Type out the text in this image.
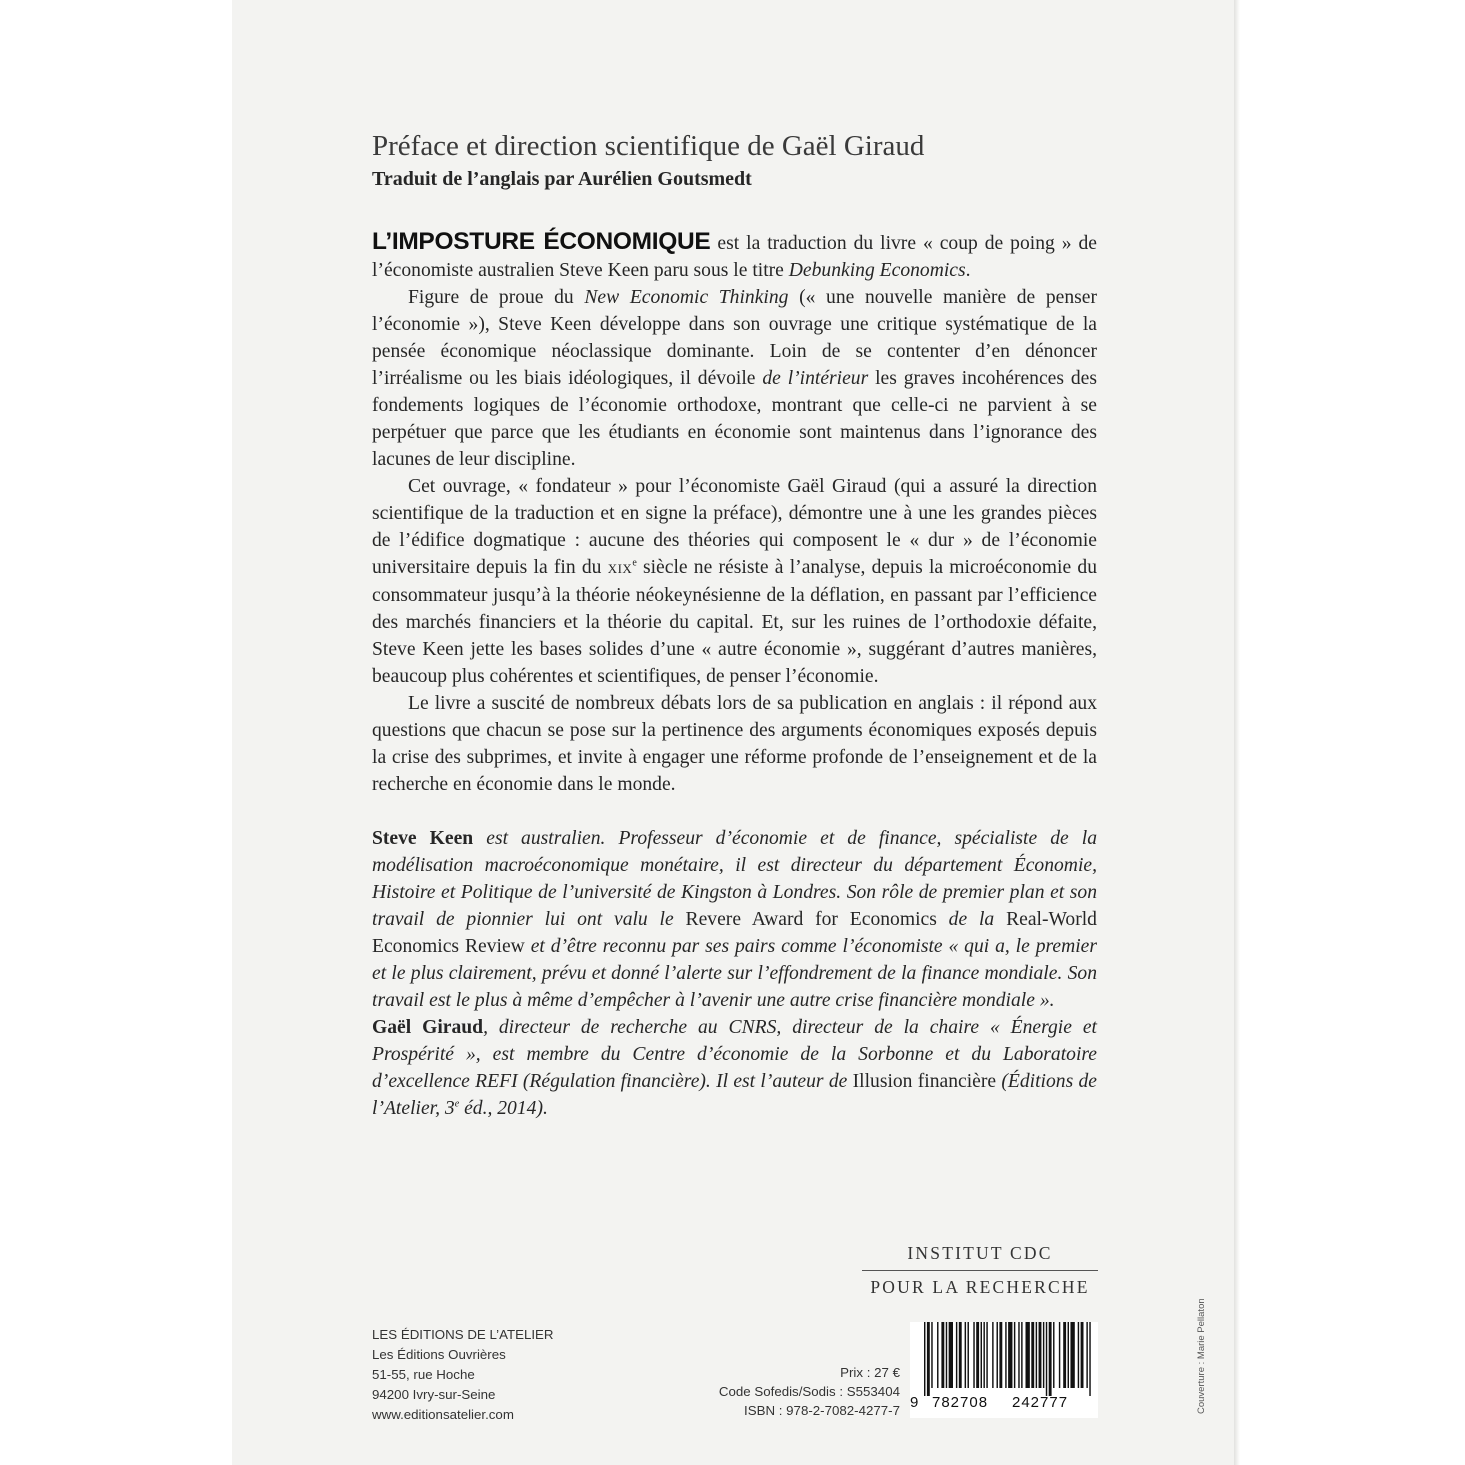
Préface et direction scientifique de Gaël Giraud
Traduit de l’anglais par Aurélien Goutsmedt

L’IMPOSTURE ÉCONOMIQUE est la traduction du livre « coup de poing » de l’économiste australien Steve Keen paru sous le titre Debunking Economics.

Figure de proue du New Economic Thinking (« une nouvelle manière de penser l’économie »), Steve Keen développe dans son ouvrage une critique systématique de la pensée économique néoclassique dominante. Loin de se contenter d’en dénoncer l’irréalisme ou les biais idéologiques, il dévoile de l’intérieur les graves incohérences des fondements logiques de l’économie orthodoxe, montrant que celle-ci ne parvient à se perpétuer que parce que les étudiants en économie sont maintenus dans l’ignorance des lacunes de leur discipline.

Cet ouvrage, « fondateur » pour l’économiste Gaël Giraud (qui a assuré la direction scientifique de la traduction et en signe la préface), démontre une à une les grandes pièces de l’édifice dogmatique : aucune des théories qui composent le « dur » de l’économie universitaire depuis la fin du XIXe siècle ne résiste à l’analyse, depuis la microéconomie du consommateur jusqu’à la théorie néokeynésienne de la déflation, en passant par l’efficience des marchés financiers et la théorie du capital. Et, sur les ruines de l’orthodoxie défaite, Steve Keen jette les bases solides d’une « autre économie », suggérant d’autres manières, beaucoup plus cohérentes et scientifiques, de penser l’économie.

Le livre a suscité de nombreux débats lors de sa publication en anglais : il répond aux questions que chacun se pose sur la pertinence des arguments économiques exposés depuis la crise des subprimes, et invite à engager une réforme profonde de l’enseignement et de la recherche en économie dans le monde.

Steve Keen est australien. Professeur d’économie et de finance, spécialiste de la modélisation macroéconomique monétaire, il est directeur du département Économie, Histoire et Politique de l’université de Kingston à Londres. Son rôle de premier plan et son travail de pionnier lui ont valu le Revere Award for Economics de la Real-World Economics Review et d’être reconnu par ses pairs comme l’économiste « qui a, le premier et le plus clairement, prévu et donné l’alerte sur l’effondrement de la finance mondiale. Son travail est le plus à même d’empêcher à l’avenir une autre crise financière mondiale ».

Gaël Giraud, directeur de recherche au CNRS, directeur de la chaire « Énergie et Prospérité », est membre du Centre d’économie de la Sorbonne et du Laboratoire d’excellence REFI (Régulation financière). Il est l’auteur de Illusion financière (Éditions de l’Atelier, 3e éd., 2014).

INSTITUT CDC
POUR LA RECHERCHE
LES ÉDITIONS DE L’ATELIER
Les Éditions Ouvrières
51-55, rue Hoche
94200 Ivry-sur-Seine
www.editionsatelier.com
Prix : 27 €
Code Sofedis/Sodis : S553404
ISBN : 978-2-7082-4277-7 9 782708 242777	Couverture : Marie Pellaton
